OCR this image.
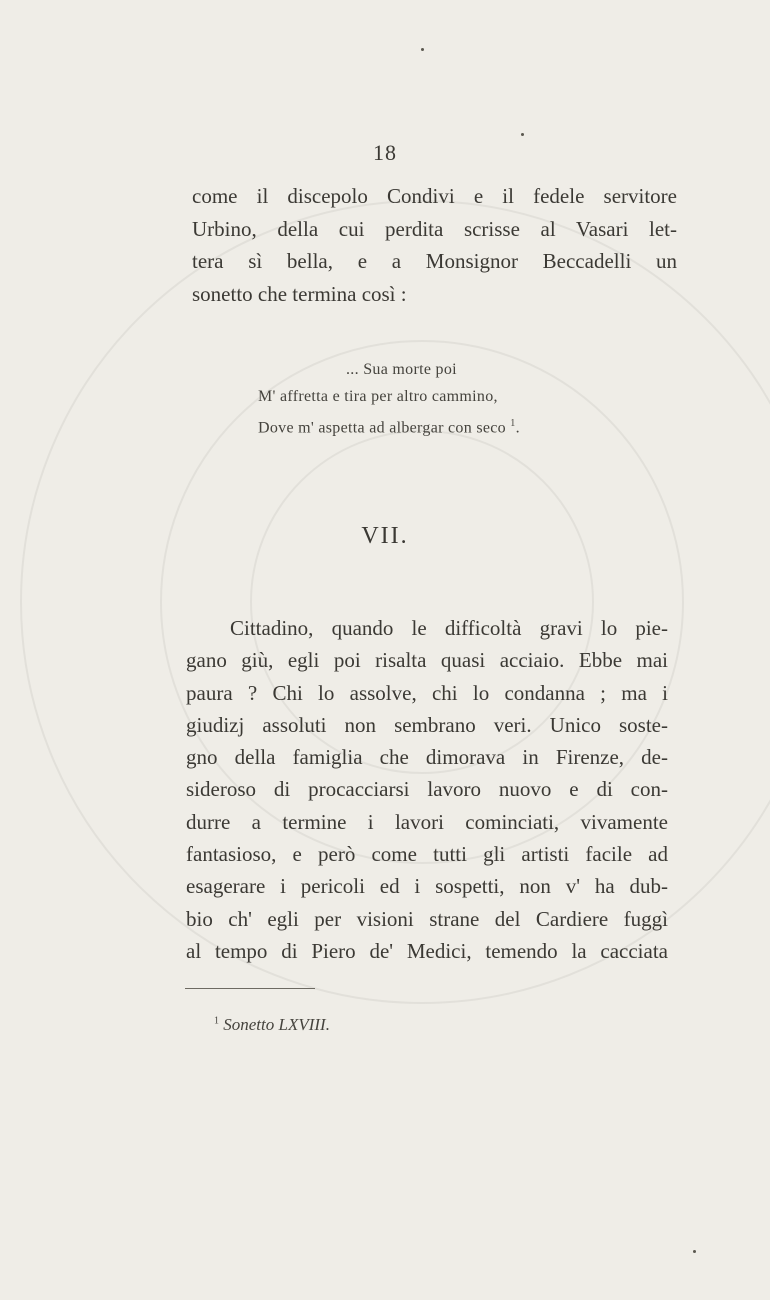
18

come il discepolo Condivi e il fedele servitore
Urbino, della cui perdita scrisse al Vasari let-
tera sì bella, e a Monsignor Beccadelli un
sonetto che termina così :

... Sua morte poi
M' affretta e tira per altro cammino,
Dove m' aspetta ad albergar con seco $^1$.
VII.

Cittadino, quando le difficoltà gravi lo pie-
gano giù, egli poi risalta quasi acciaio. Ebbe mai
paura ? Chi lo assolve, chi lo condanna ; ma i
giudizj assoluti non sembrano veri. Unico soste-
gno della famiglia che dimorava in Firenze, de-
sideroso di procacciarsi lavoro nuovo e di con-
durre a termine i lavori cominciati, vivamente
fantasioso, e però come tutti gli artisti facile ad
esagerare i pericoli ed i sospetti, non v' ha dub-
bio ch' egli per visioni strane del Cardiere fuggì
al tempo di Piero de' Medici, temendo la cacciata

$^1$ Sonetto LXVIII.
